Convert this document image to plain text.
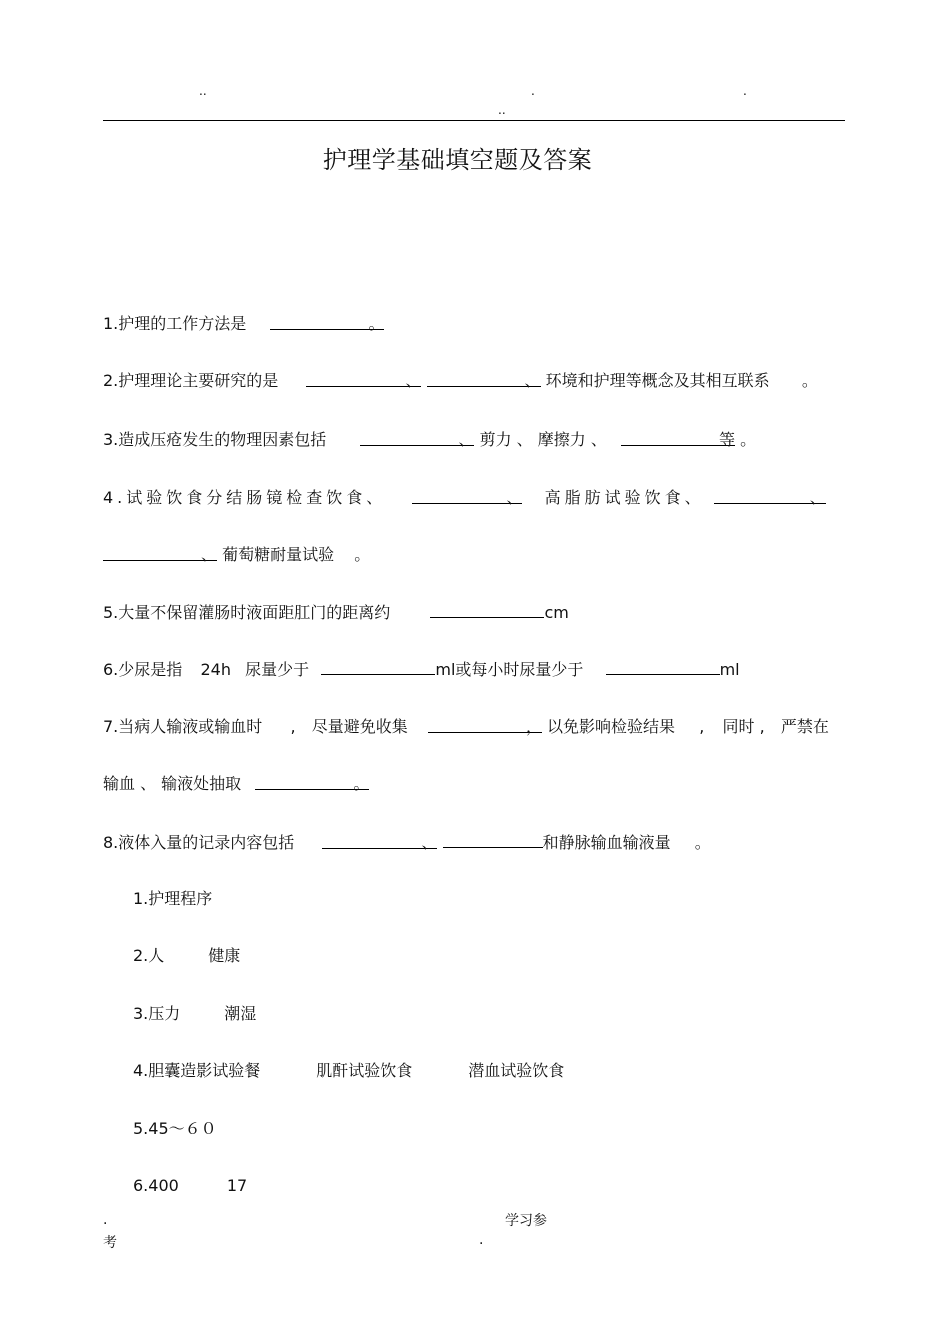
..	.	.
..
护理学基础填空题及答案
1.护理的工作方法是	。
2.护理理论主要研究的是	、	、 环境和护理等概念及其相互联系 。
3.造成压疮发生的物理因素包括	、 剪力 、 摩擦力 、	等 。
4.试验饮食分结肠镜检查饮食、	、 高脂肪试验饮食、	、
、 葡萄糖耐量试验 。
5.大量不保留灌肠时液面距肛门的距离约	cm
6.少尿是指 24h 尿量少于	ml或每小时尿量少于	ml
7.当病人输液或输血时 , 尽量避免收集	， 以免影响检验结果 , 同时 , 严禁在
输血 、 输液处抽取	。
8.液体入量的记录内容包括	、	和静脉输血输液量 。
1.护理程序
2.人	健康
3.压力	潮湿
4.胆囊造影试验餐	肌酐试验饮食	潜血试验饮食
5.45～６０
6.400	17
.	学习参
考	.
